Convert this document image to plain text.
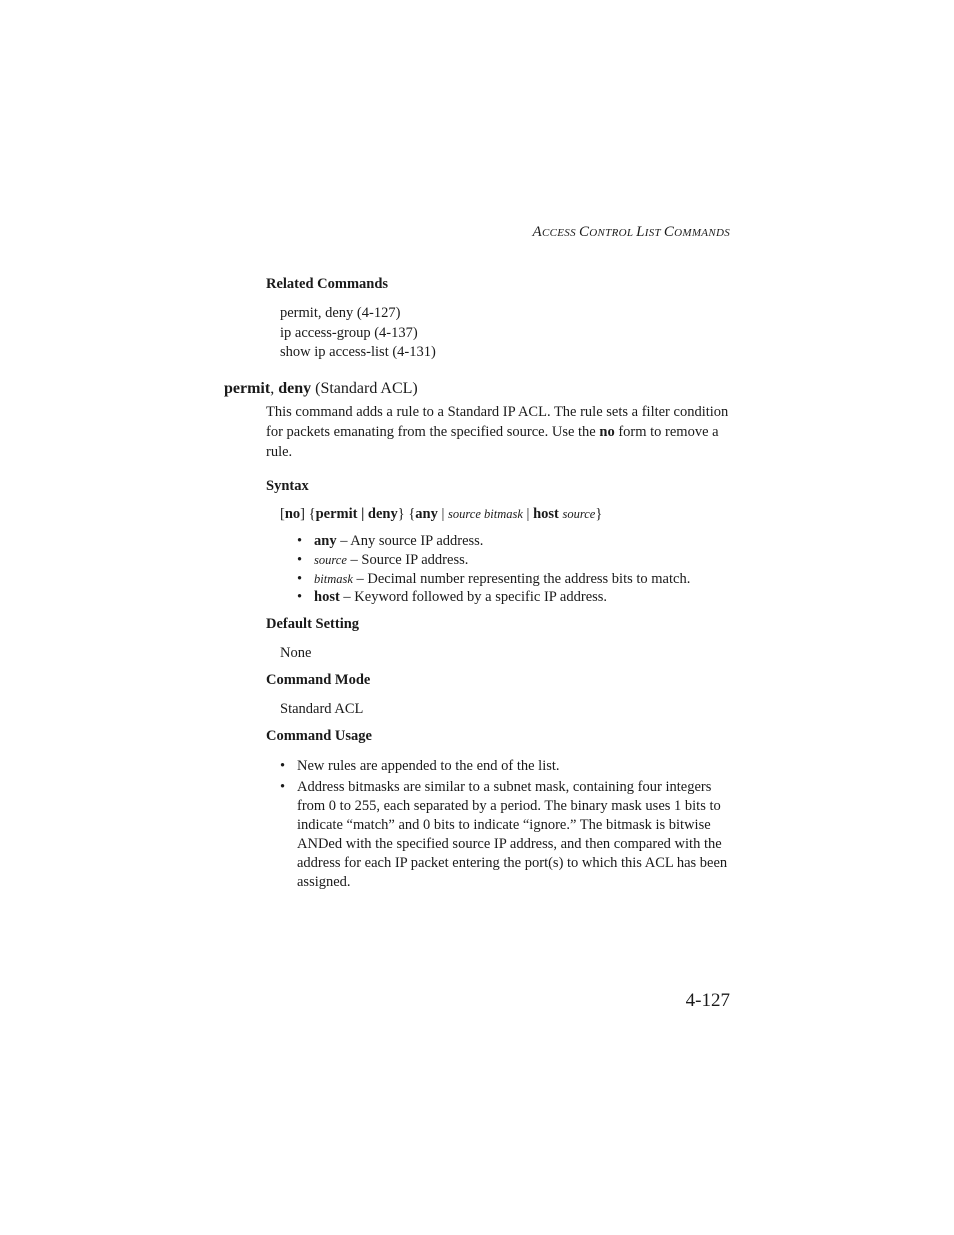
ACCESS CONTROL LIST COMMANDS
Related Commands
permit, deny (4-127)
ip access-group (4-137)
show ip access-list (4-131)
permit, deny (Standard ACL)
This command adds a rule to a Standard IP ACL. The rule sets a filter condition for packets emanating from the specified source. Use the no form to remove a rule.
Syntax
[no] {permit | deny} {any | source bitmask | host source}
• any – Any source IP address.
• source – Source IP address.
• bitmask – Decimal number representing the address bits to match.
• host – Keyword followed by a specific IP address.
Default Setting
None
Command Mode
Standard ACL
Command Usage
• New rules are appended to the end of the list.
• Address bitmasks are similar to a subnet mask, containing four integers from 0 to 255, each separated by a period. The binary mask uses 1 bits to indicate “match” and 0 bits to indicate “ignore.” The bitmask is bitwise ANDed with the specified source IP address, and then compared with the address for each IP packet entering the port(s) to which this ACL has been assigned.
4-127
